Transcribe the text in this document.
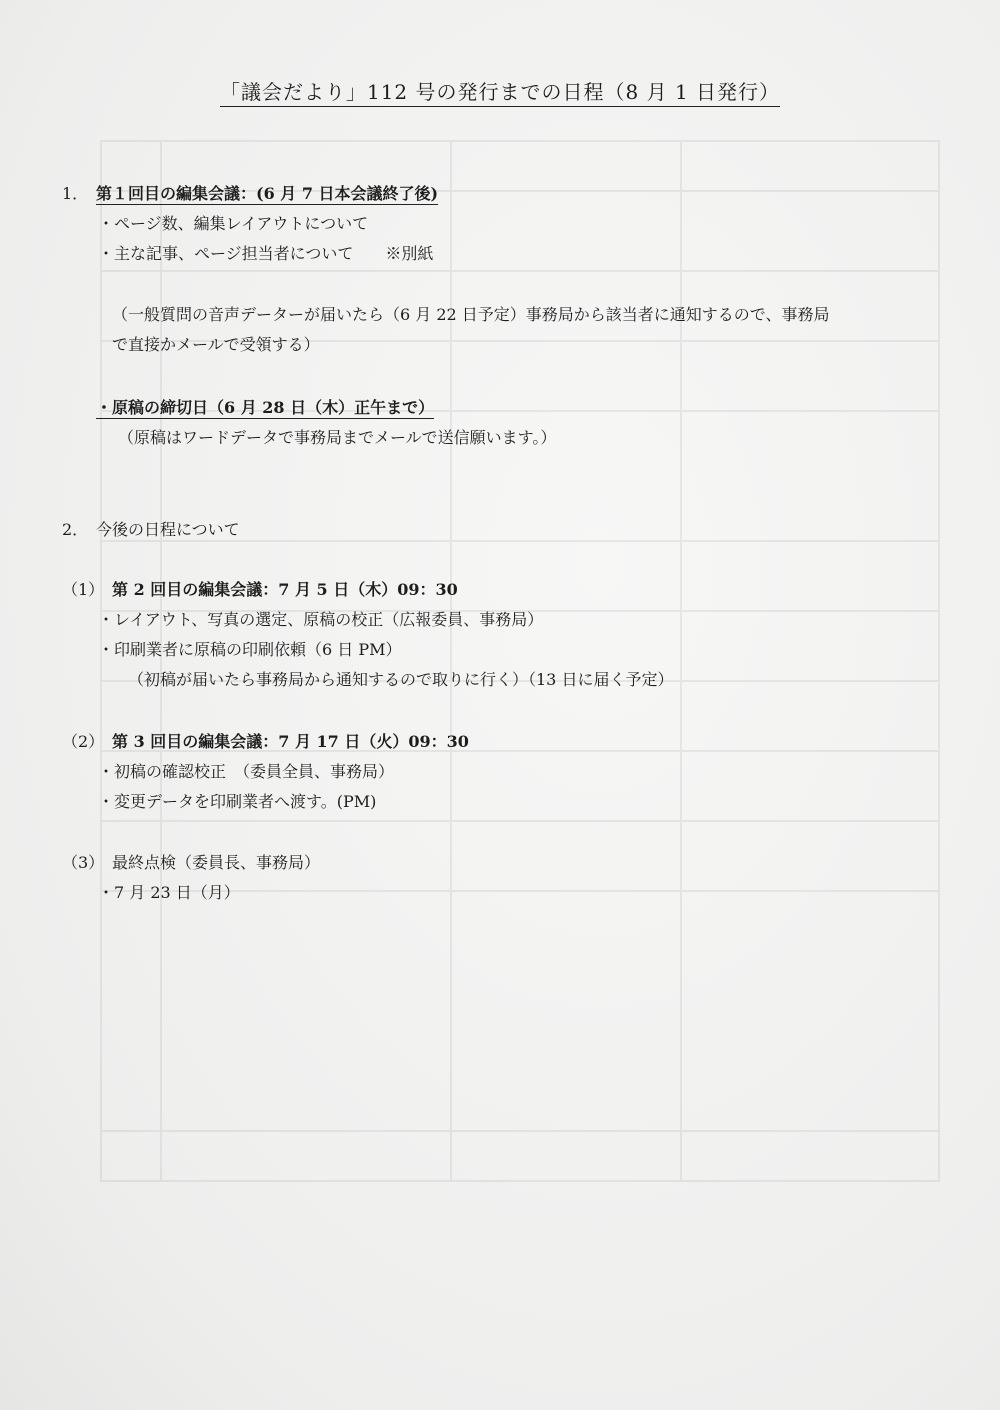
「議会だより」112 号の発行までの日程（8 月 1 日発行）
1． 第１回目の編集会議：(6 月 7 日本会議終了後)
・ページ数、編集レイアウトについて
・主な記事、ページ担当者について　　※別紙
（一般質問の音声データーが届いたら（6 月 22 日予定）事務局から該当者に通知するので、事務局
で直接かメールで受領する）
・原稿の締切日（6 月 28 日（木）正午まで）
（原稿はワードデータで事務局までメールで送信願います。）
2． 今後の日程について
（1） 第 2 回目の編集会議：7 月 5 日（木）09：30
・レイアウト、写真の選定、原稿の校正（広報委員、事務局）
・印刷業者に原稿の印刷依頼（6 日 PM）
（初稿が届いたら事務局から通知するので取りに行く）（13 日に届く予定）
（2） 第 3 回目の編集会議：7 月 17 日（火）09：30
・初稿の確認校正　（委員全員、事務局）
・変更データを印刷業者へ渡す。(PM)
（3） 最終点検（委員長、事務局）
・7 月 23 日（月）
